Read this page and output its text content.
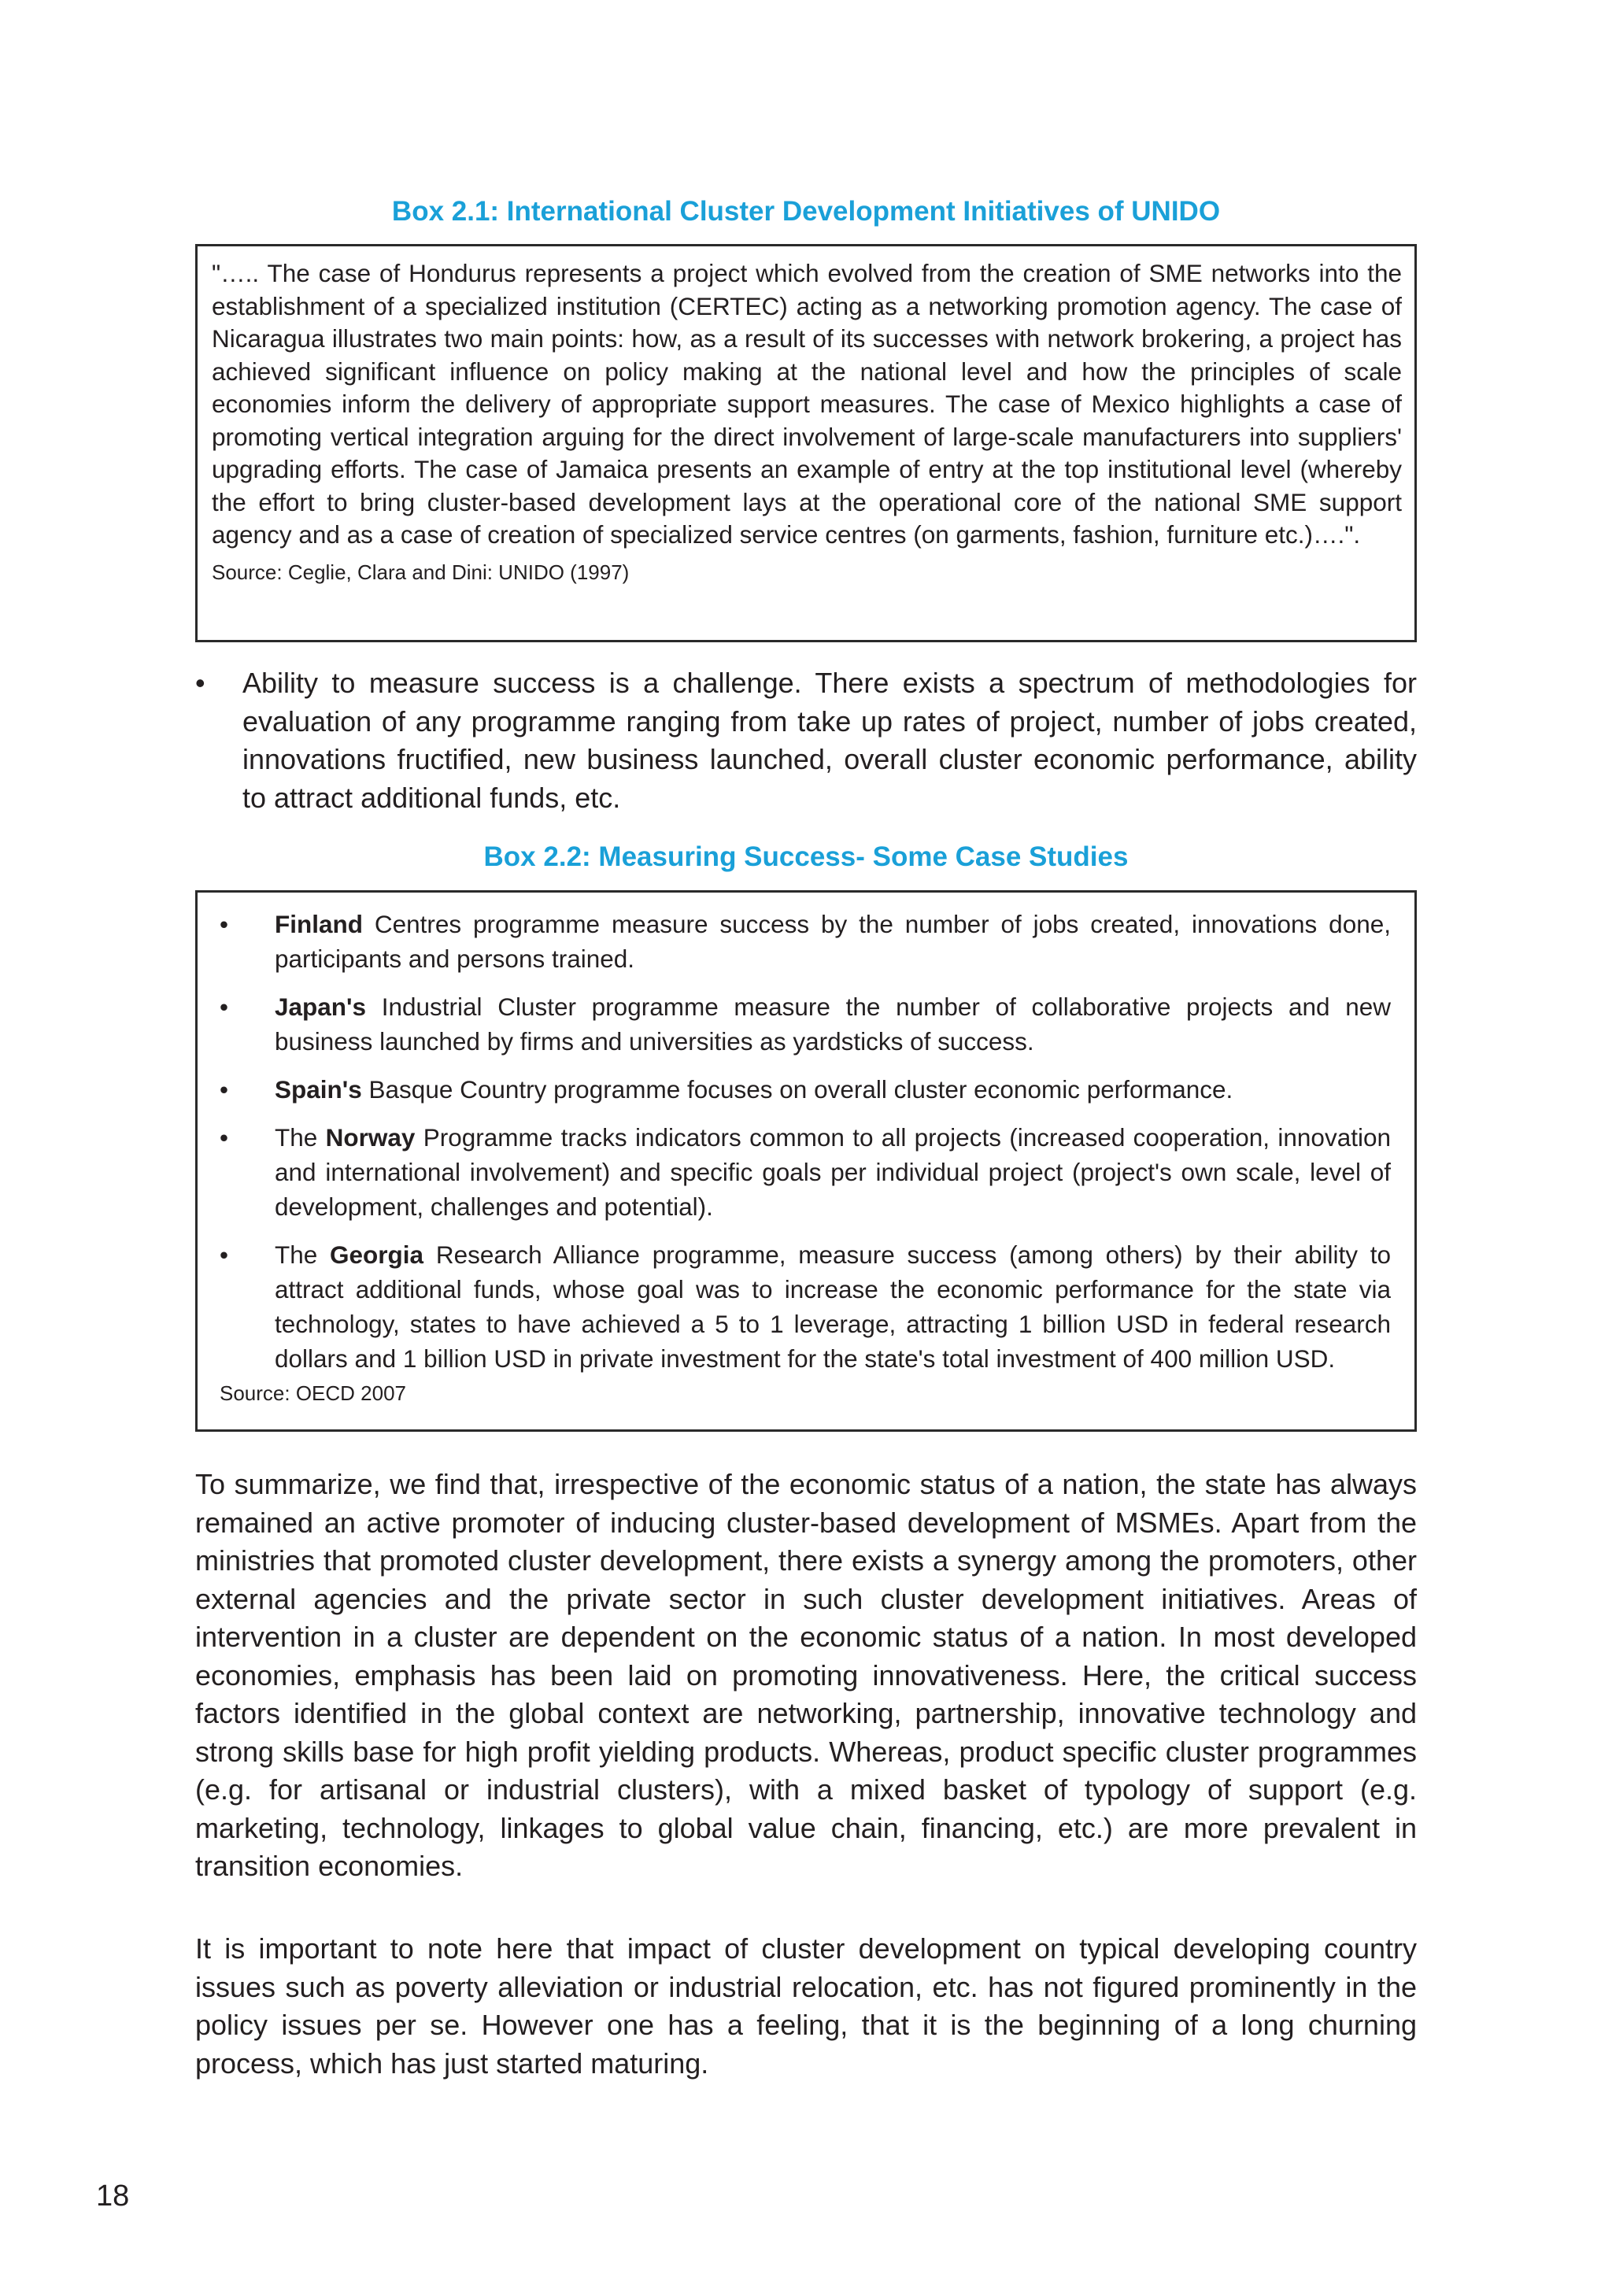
Box 2.1: International Cluster Development Initiatives of UNIDO
"….. The case of Hondurus represents a project which evolved from the creation of SME networks into the establishment of a specialized institution (CERTEC) acting as a networking promotion agency. The case of Nicaragua illustrates two main points: how, as a result of its successes with network brokering, a project has achieved significant influence on policy making at the national level and how the principles of scale economies inform the delivery of appropriate support measures. The case of Mexico highlights a case of promoting vertical integration arguing for the direct involvement of large-scale manufacturers into suppliers' upgrading efforts. The case of Jamaica presents an example of entry at the top institutional level (whereby the effort to bring cluster-based development lays at the operational core of the national SME support agency and as a case of creation of specialized service centres (on garments, fashion, furniture etc.)….".
Source: Ceglie, Clara and Dini: UNIDO (1997)
• Ability to measure success is a challenge. There exists a spectrum of methodologies for evaluation of any programme ranging from take up rates of project, number of jobs created, innovations fructified, new business launched, overall cluster economic performance, ability to attract additional funds, etc.
Box 2.2: Measuring Success- Some Case Studies
• Finland Centres programme measure success by the number of jobs created, innovations done, participants and persons trained.
• Japan's Industrial Cluster programme measure the number of collaborative projects and new business launched by firms and universities as yardsticks of success.
• Spain's Basque Country programme focuses on overall cluster economic performance.
• The Norway Programme tracks indicators common to all projects (increased cooperation, innovation and international involvement) and specific goals per individual project (project's own scale, level of development, challenges and potential).
• The Georgia Research Alliance programme, measure success (among others) by their ability to attract additional funds, whose goal was to increase the economic performance for the state via technology, states to have achieved a 5 to 1 leverage, attracting 1 billion USD in federal research dollars and 1 billion USD in private investment for the state's total investment of 400 million USD.
Source: OECD 2007

To summarize, we find that, irrespective of the economic status of a nation, the state has always remained an active promoter of inducing cluster-based development of MSMEs. Apart from the ministries that promoted cluster development, there exists a synergy among the promoters, other external agencies and the private sector in such cluster development initiatives. Areas of intervention in a cluster are dependent on the economic status of a nation. In most developed economies, emphasis has been laid on promoting innovativeness. Here, the critical success factors identified in the global context are networking, partnership, innovative technology and strong skills base for high profit yielding products. Whereas, product specific cluster programmes (e.g. for artisanal or industrial clusters), with a mixed basket of typology of support (e.g. marketing, technology, linkages to global value chain, financing, etc.) are more prevalent in transition economies.

It is important to note here that impact of cluster development on typical developing country issues such as poverty alleviation or industrial relocation, etc. has not figured prominently in the policy issues per se. However one has a feeling, that it is the beginning of a long churning process, which has just started maturing.

18
